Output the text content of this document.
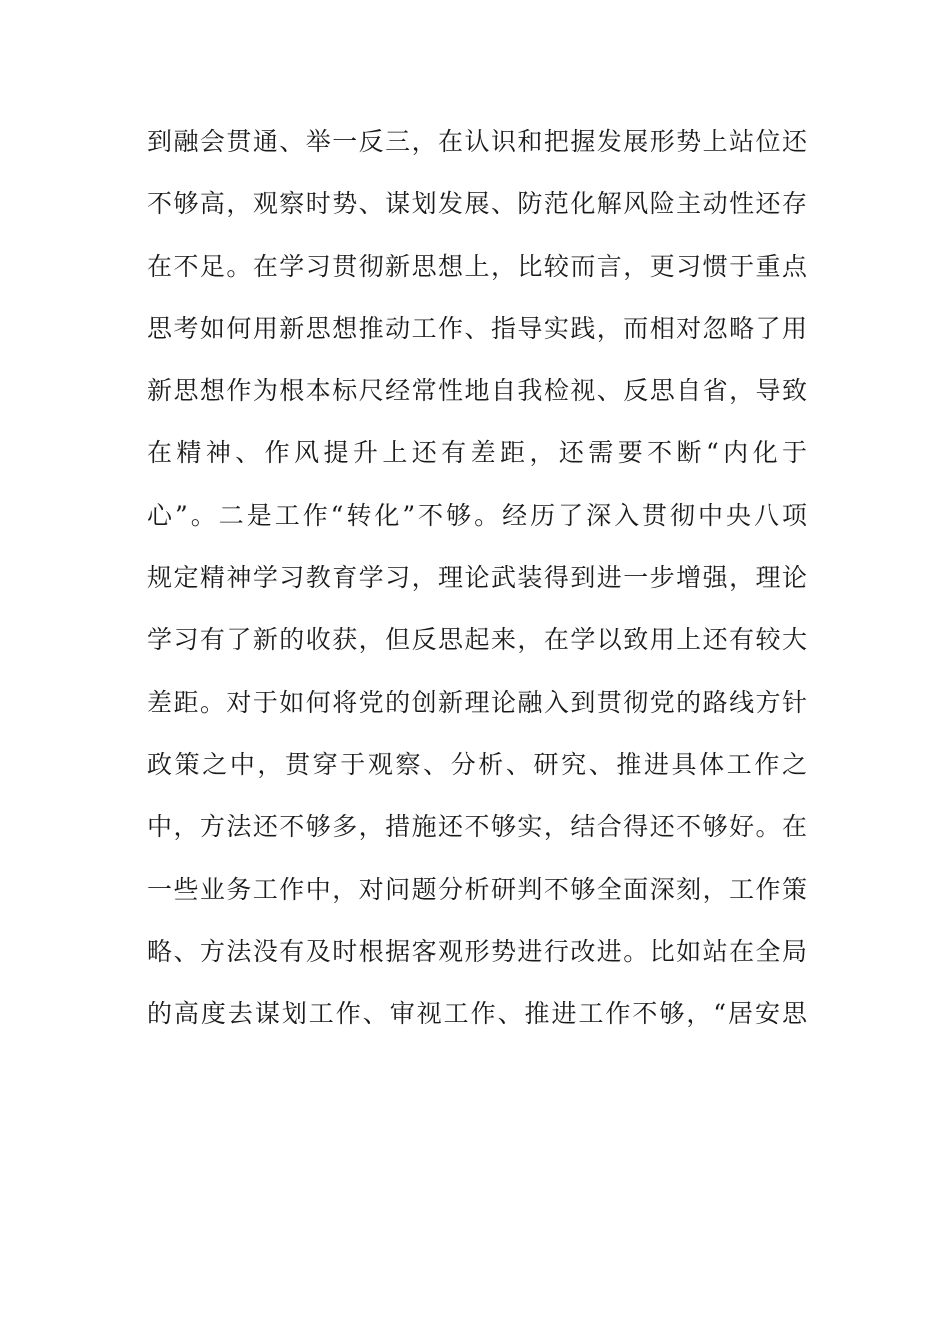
到融会贯通、举一反三，在认识和把握发展形势上站位还
不够高，观察时势、谋划发展、防范化解风险主动性还存
在不足。在学习贯彻新思想上，比较而言，更习惯于重点
思考如何用新思想推动工作、指导实践，而相对忽略了用
新思想作为根本标尺经常性地自我检视、反思自省，导致
在精神、作风提升上还有差距，还需要不断“内化于
心”。二是工作“转化”不够。经历了深入贯彻中央八项
规定精神学习教育学习，理论武装得到进一步增强，理论
学习有了新的收获，但反思起来，在学以致用上还有较大
差距。对于如何将党的创新理论融入到贯彻党的路线方针
政策之中，贯穿于观察、分析、研究、推进具体工作之
中，方法还不够多，措施还不够实，结合得还不够好。在
一些业务工作中，对问题分析研判不够全面深刻，工作策
略、方法没有及时根据客观形势进行改进。比如站在全局
的高度去谋划工作、审视工作、推进工作不够，“居安思
